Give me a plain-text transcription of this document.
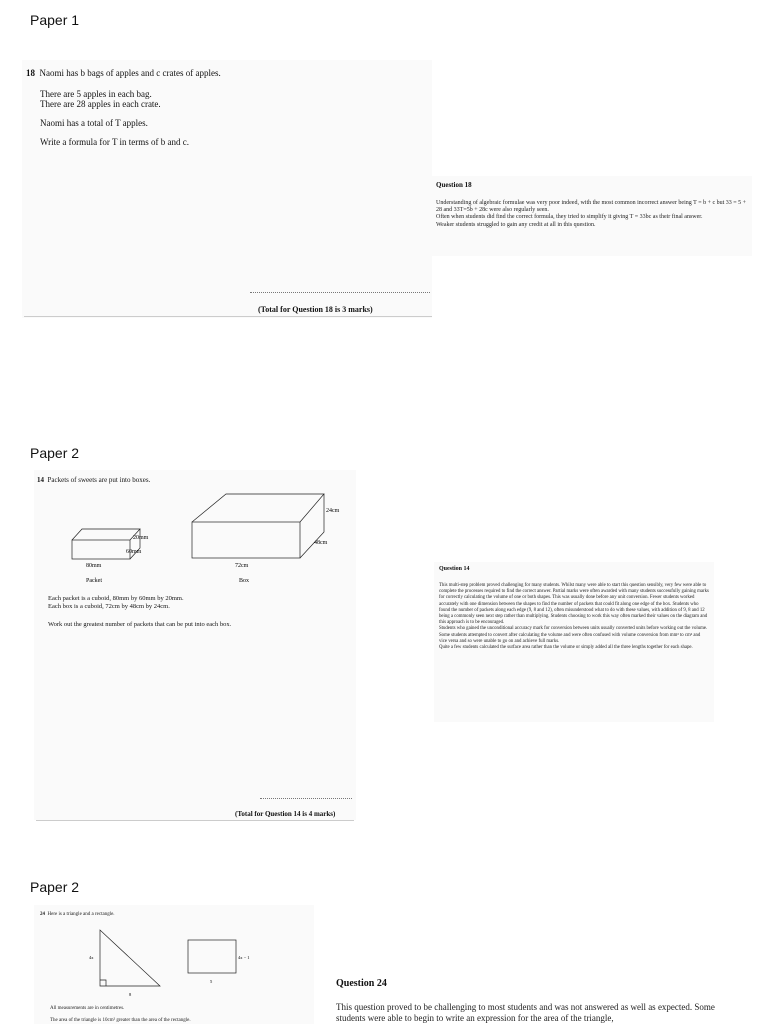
Paper 1
18 Naomi has b bags of apples and c crates of apples.
There are 5 apples in each bag.
There are 28 apples in each crate.
Naomi has a total of T apples.
Write a formula for T in terms of b and c.
(Total for Question 18 is 3 marks)
Question 18

Understanding of algebraic formulae was very poor indeed, with the most common incorrect answer being T = b + c but 33 = 5 + 28 and 33T=5b + 28c were also regularly seen.

Often when students did find the correct formula, they tried to simplify it giving T = 33bc as their final answer.

Weaker students struggled to gain any credit at all in this question.

Paper 2
14 Packets of sweets are put into boxes.
20mm
60mm
80mm
Packet
24cm
48cm
72cm
Box
Each packet is a cuboid, 80mm by 60mm by 20mm.
Each box is a cuboid, 72cm by 48cm by 24cm.
Work out the greatest number of packets that can be put into each box.
(Total for Question 14 is 4 marks)
Question 14

This multi-step problem proved challenging for many students. Whilst many were able to start this question sensibly, very few were able to complete the processes required to find the correct answer. Partial marks were often awarded with many students successfully gaining marks for correctly calculating the volume of one or both shapes. This was usually done before any unit conversion. Fewer students worked accurately with one dimension between the shapes to find the number of packets that could fit along one edge of the box. Students who found the number of packets along each edge (9, 8 and 12), often misunderstood what to do with these values, with addition of 9, 8 and 12 being a commonly seen next step rather than multiplying. Students choosing to work this way often marked their values on the diagram and this approach is to be encouraged.

Students who gained the unconditional accuracy mark for conversion between units usually converted units before working out the volume. Some students attempted to convert after calculating the volume and were often confused with volume conversion from mm³ to cm³ and vice versa and so were unable to go on and achieve full marks.

Quite a few students calculated the surface area rather than the volume or simply added all the three lengths together for each shape.

Paper 2
24 Here is a triangle and a rectangle.
4x
8
4x − 1
5
All measurements are in centimetres.
The area of the triangle is 10cm² greater than the area of the rectangle.
Question 24
This question proved to be challenging to most students and was not answered as well as expected. Some students were able to begin to write an expression for the area of the triangle,
